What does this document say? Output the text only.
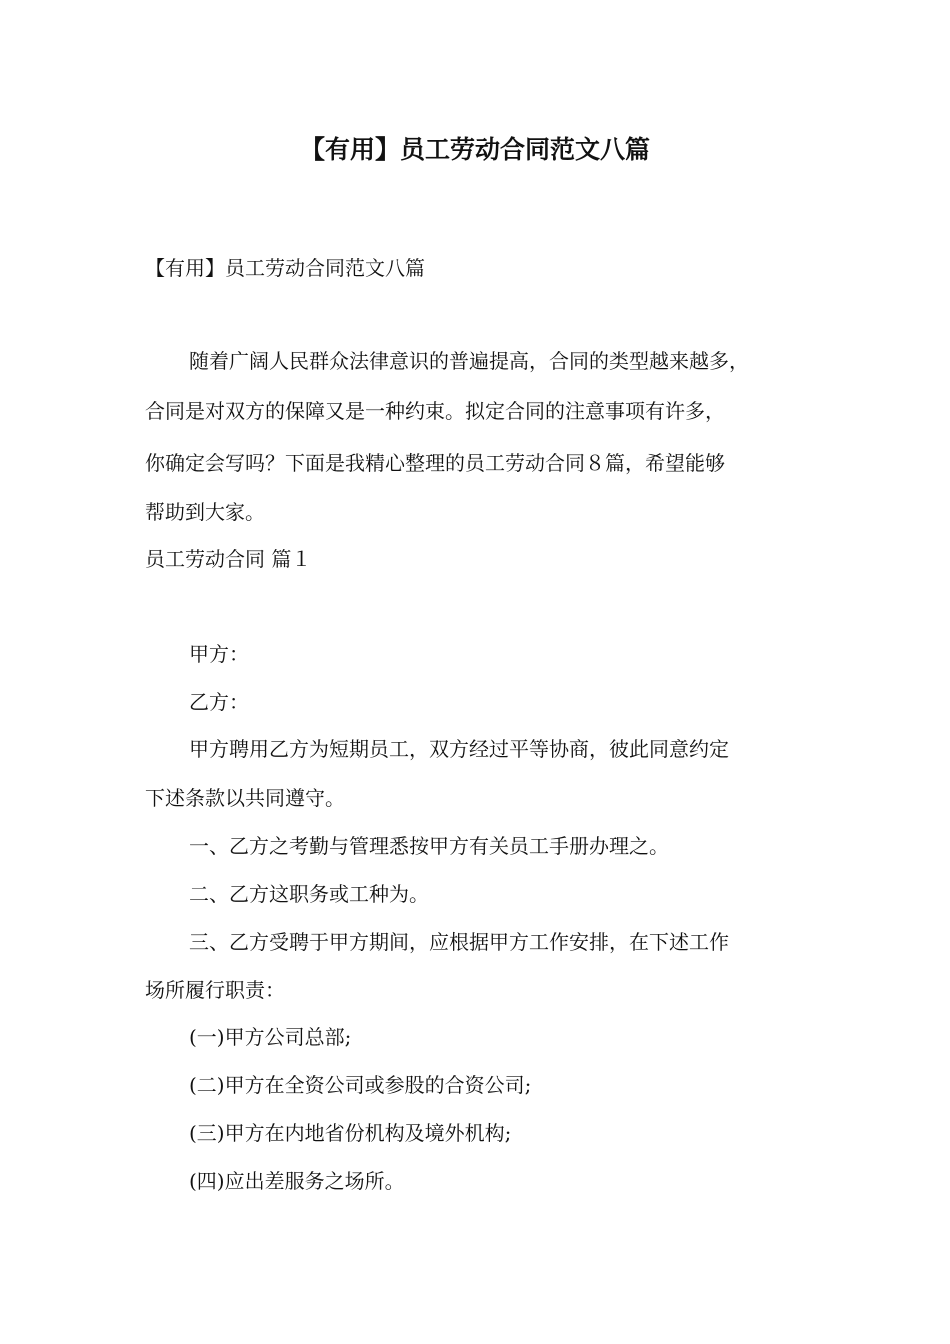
【有用】员工劳动合同范文八篇

【有用】员工劳动合同范文八篇

随着广阔人民群众法律意识的普遍提高，合同的类型越来越多，

合同是对双方的保障又是一种约束。拟定合同的注意事项有许多，

你确定会写吗？下面是我精心整理的员工劳动合同８篇，希望能够

帮助到大家。

员工劳动合同 篇１

甲方：

乙方：

甲方聘用乙方为短期员工，双方经过平等协商，彼此同意约定

下述条款以共同遵守。

一、乙方之考勤与管理悉按甲方有关员工手册办理之。

二、乙方这职务或工种为。

三、乙方受聘于甲方期间，应根据甲方工作安排，在下述工作

场所履行职责：

(一)甲方公司总部;

(二)甲方在全资公司或参股的合资公司;

(三)甲方在内地省份机构及境外机构;

(四)应出差服务之场所。
